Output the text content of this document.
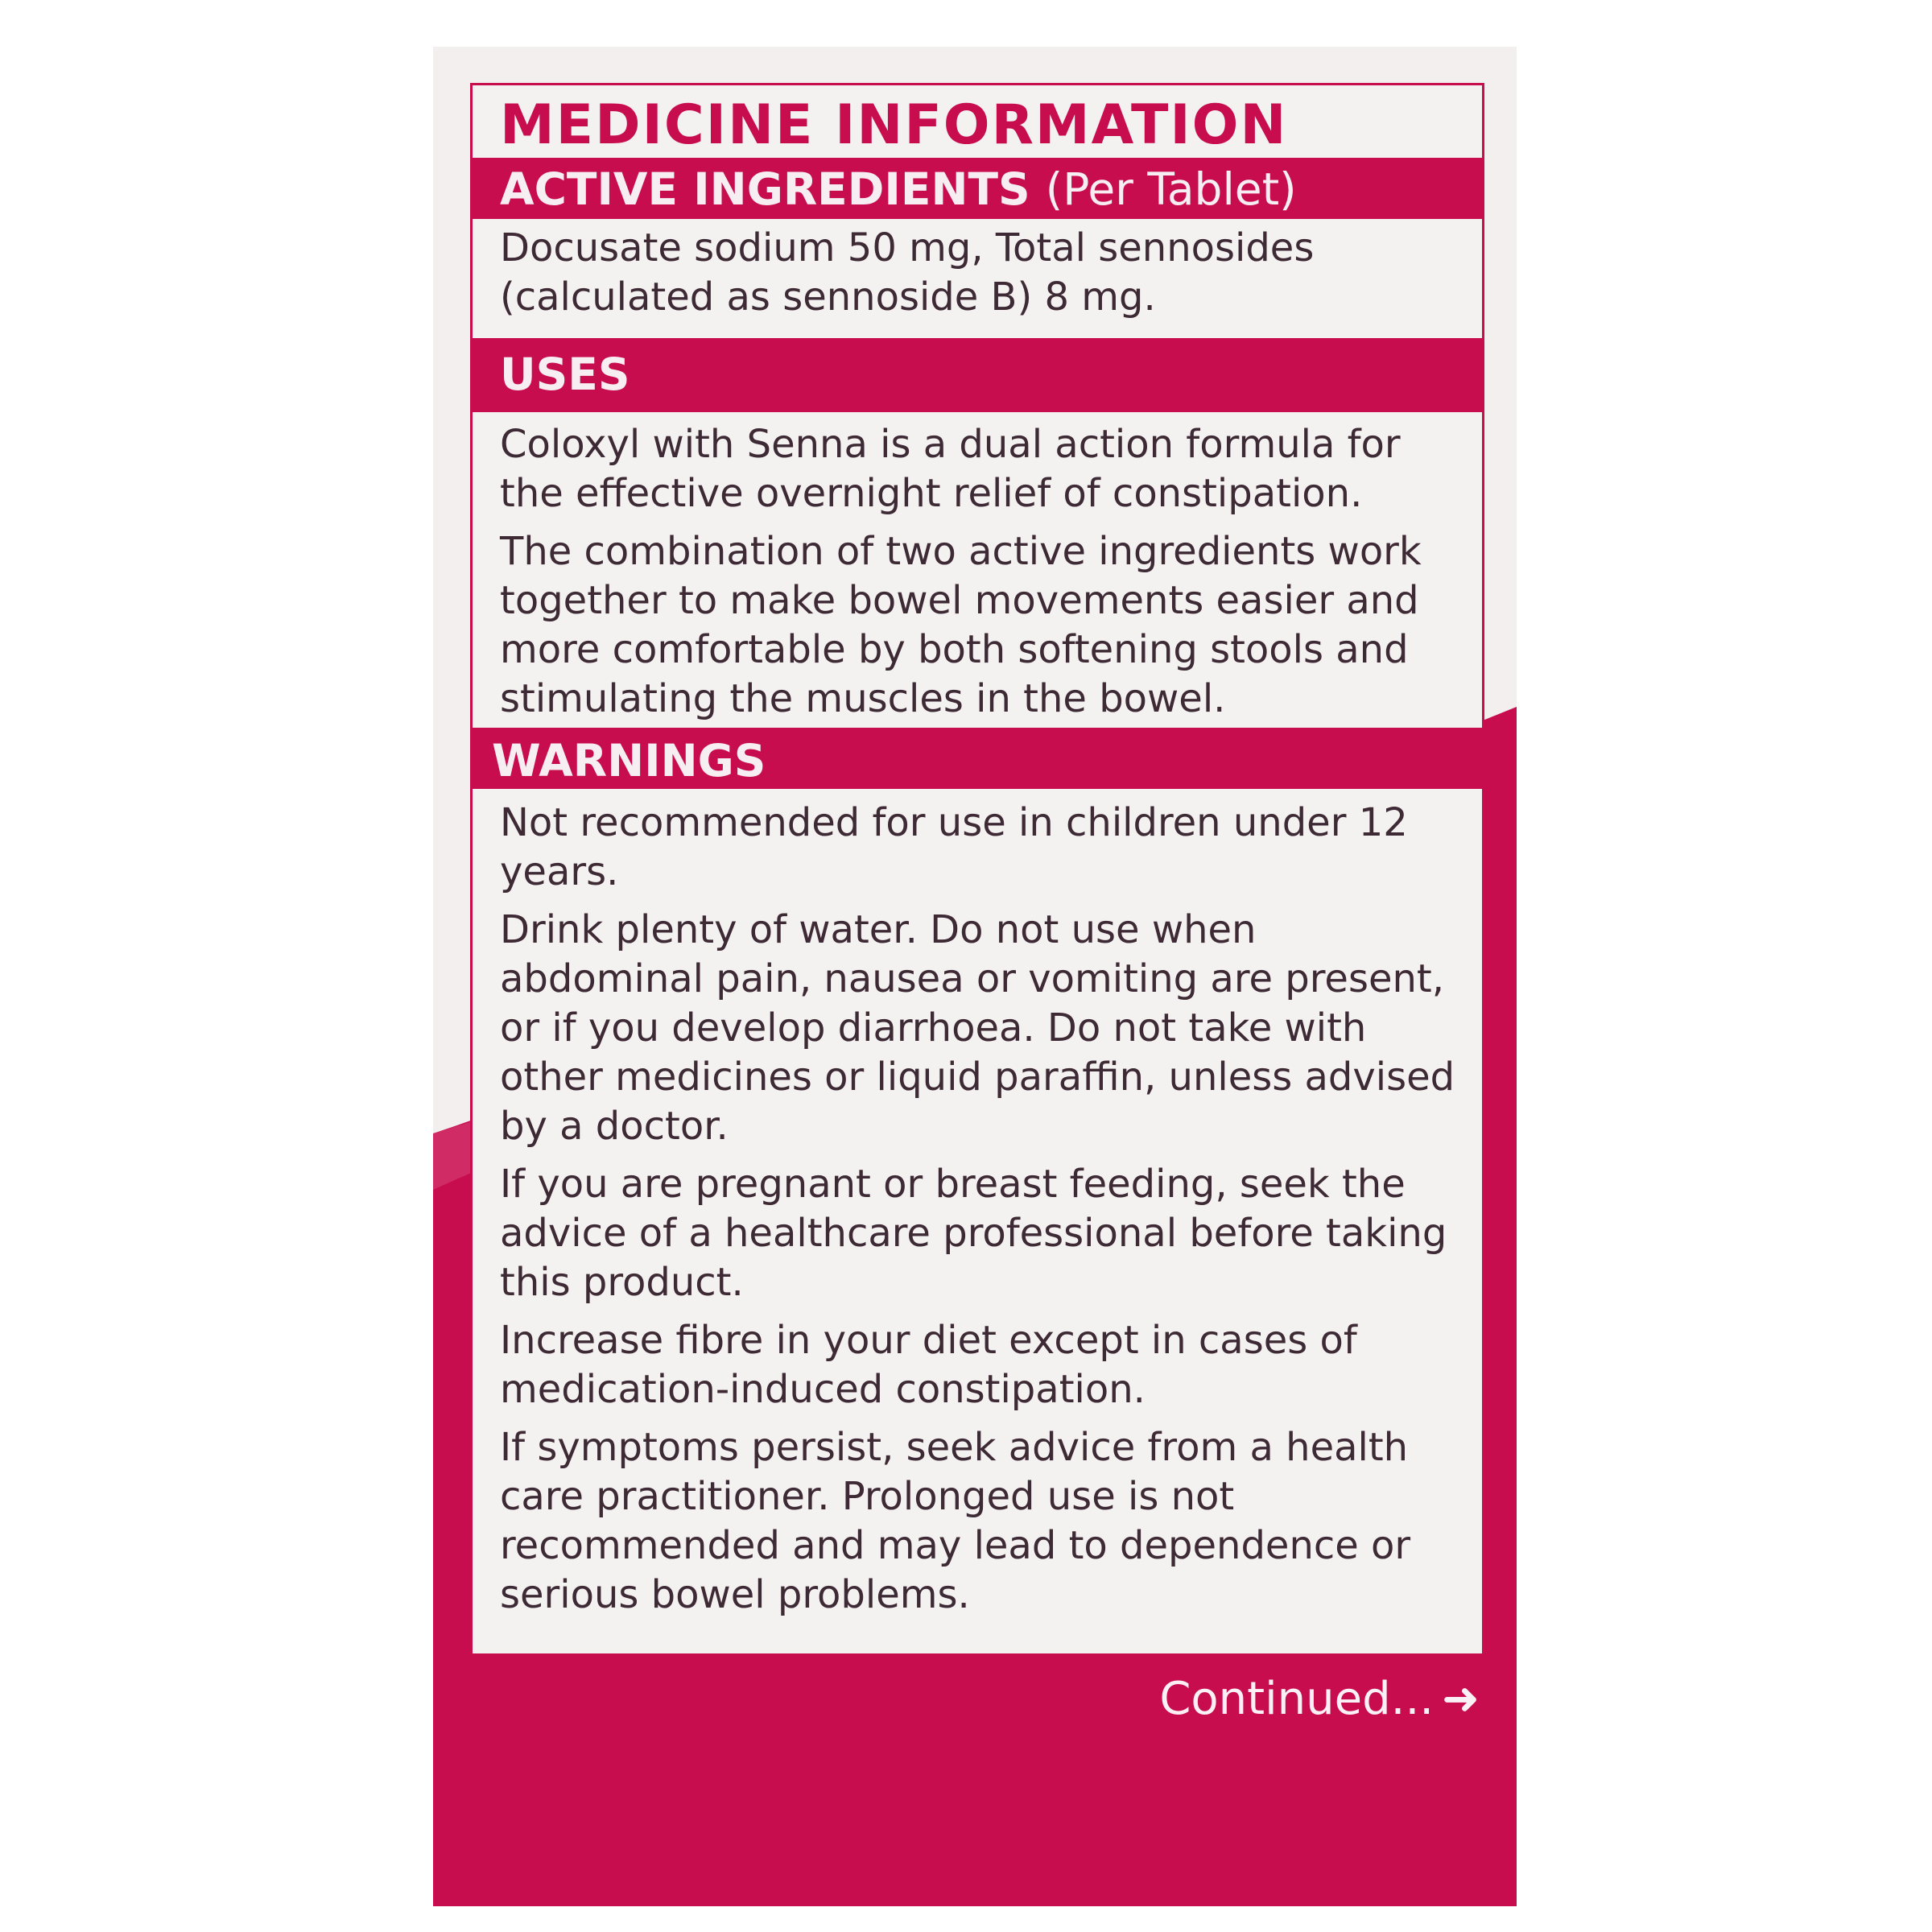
MEDICINE INFORMATION
ACTIVE INGREDIENTS (Per Tablet)

Docusate sodium 50 mg, Total sennosides (calculated as sennoside B) 8 mg.

USES

Coloxyl with Senna is a dual action formula for the effective overnight relief of constipation.

The combination of two active ingredients work together to make bowel movements easier and more comfortable by both softening stools and stimulating the muscles in the bowel.

WARNINGS

Not recommended for use in children under 12 years.

Drink plenty of water. Do not use when abdominal pain, nausea or vomiting are present, or if you develop diarrhoea. Do not take with other medicines or liquid paraffin, unless advised by a doctor.

If you are pregnant or breast feeding, seek the advice of a healthcare professional before taking this product.

Increase fibre in your diet except in cases of medication-induced constipation.

If symptoms persist, seek advice from a health care practitioner. Prolonged use is not recommended and may lead to dependence or serious bowel problems.

Continued... ➜
